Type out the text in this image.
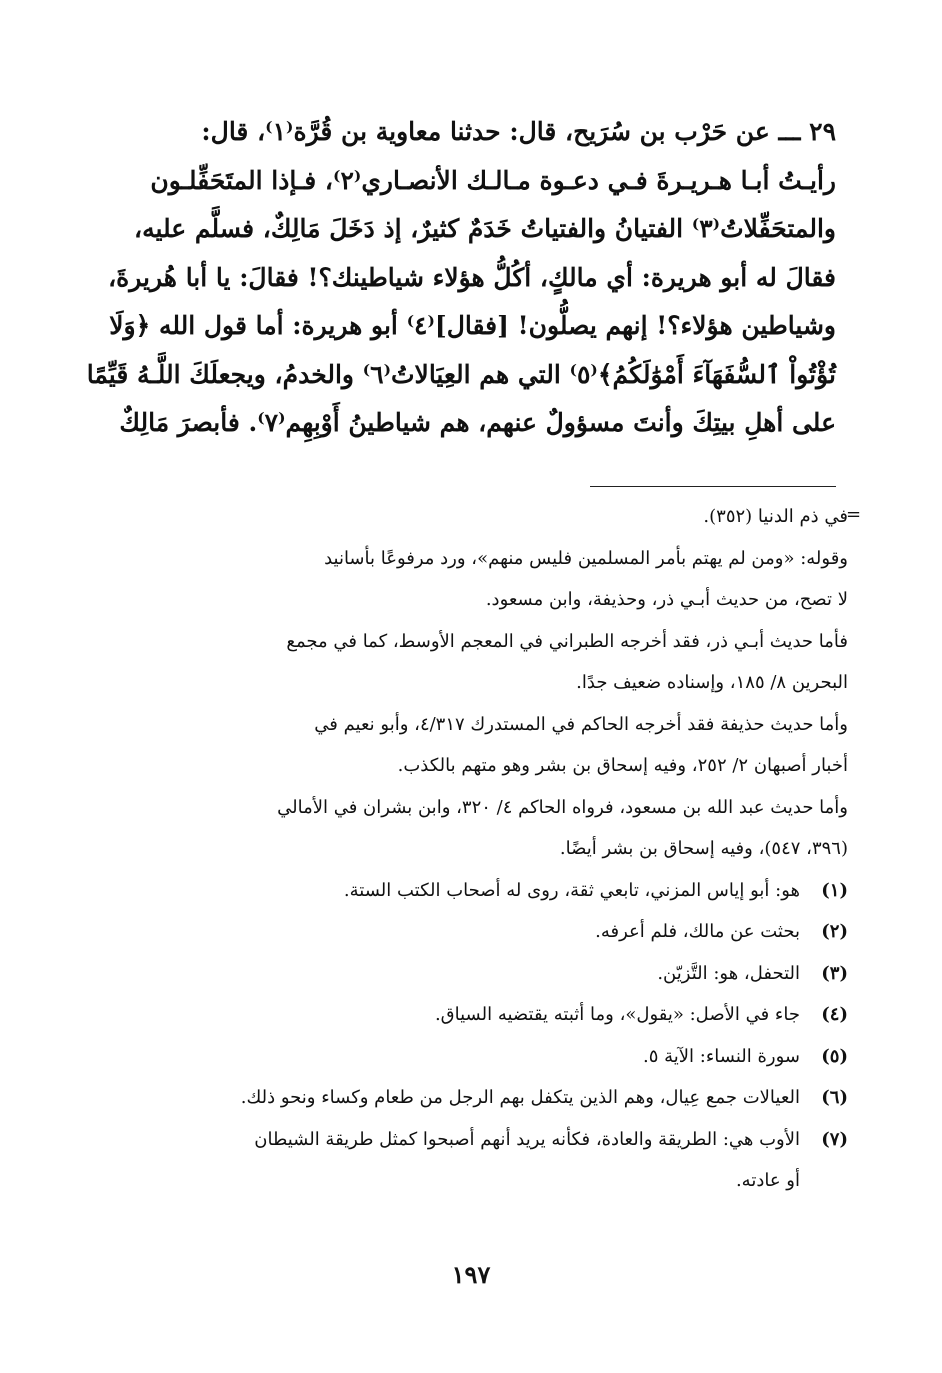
٢٩ ـــ عن حَرْب بن سُرَيح، قال: حدثنا معاوية بن قُرَّة⁽١⁾، قال:
رأيـتُ أبـا هـريـرةَ فـي دعـوة مـالـك الأنصـاري⁽٢⁾، فـإذا المتَحَفِّلـون
والمتحَفِّلاتُ⁽٣⁾ الفتيانُ والفتياتُ خَدَمٌ كثيرٌ، إذ دَخَلَ مَالِكٌ، فسلَّم عليه،
فقالَ له أبو هريرة: أي مالكٍ، أكُلُّ هؤلاء شياطينك؟! فقالَ: يا أبا هُريرةَ،
وشياطين هؤلاء؟! إنهم يصلُّون! [فقال]⁽٤⁾ أبو هريرة: أما قول الله ﴿وَلَا
تُؤْتُواْ ٱلسُّفَهَآءَ أَمْوَٰلَكُمُ﴾⁽٥⁾ التي هم العِيَالاتُ⁽٦⁾ والخدمُ، ويجعلَكَ اللَّـهُ قَيِّمًا
على أهلِ بيتِكَ وأنتَ مسؤولٌ عنهم، هم شياطينُ أَوْبِهِم⁽٧⁾. فأبصرَ مَالِكٌ
=
في ذم الدنيا (٣٥٢).
وقوله: «ومن لم يهتم بأمر المسلمين فليس منهم»، ورد مرفوعًا بأسانيد
لا تصح، من حديث أبـي ذر، وحذيفة، وابن مسعود.
فأما حديث أبـي ذر، فقد أخرجه الطبراني في المعجم الأوسط، كما في مجمع
البحرين ٨/ ١٨٥، وإسناده ضعيف جدًا.
وأما حديث حذيفة فقد أخرجه الحاكم في المستدرك ٤/٣١٧، وأبو نعيم في
أخبار أصبهان ٢/ ٢٥٢، وفيه إسحاق بن بشر وهو متهم بالكذب.
وأما حديث عبد الله بن مسعود، فرواه الحاكم ٤/ ٣٢٠، وابن بشران في الأمالي
(٣٩٦، ٥٤٧)، وفيه إسحاق بن بشر أيضًا.
(١)
هو: أبو إياس المزني، تابعي ثقة، روى له أصحاب الكتب الستة.
(٢)
بحثت عن مالك، فلم أعرفه.
(٣)
التحفل، هو: التَّزيّن.
(٤)
جاء في الأصل: «يقول»، وما أثبته يقتضيه السياق.
(٥)
سورة النساء: الآية ٥.
(٦)
العيالات جمع عِيال، وهم الذين يتكفل بهم الرجل من طعام وكساء ونحو ذلك.
(٧)
الأوب هي: الطريقة والعادة، فكأنه يريد أنهم أصبحوا كمثل طريقة الشيطان
أو عادته.
١٩٧
